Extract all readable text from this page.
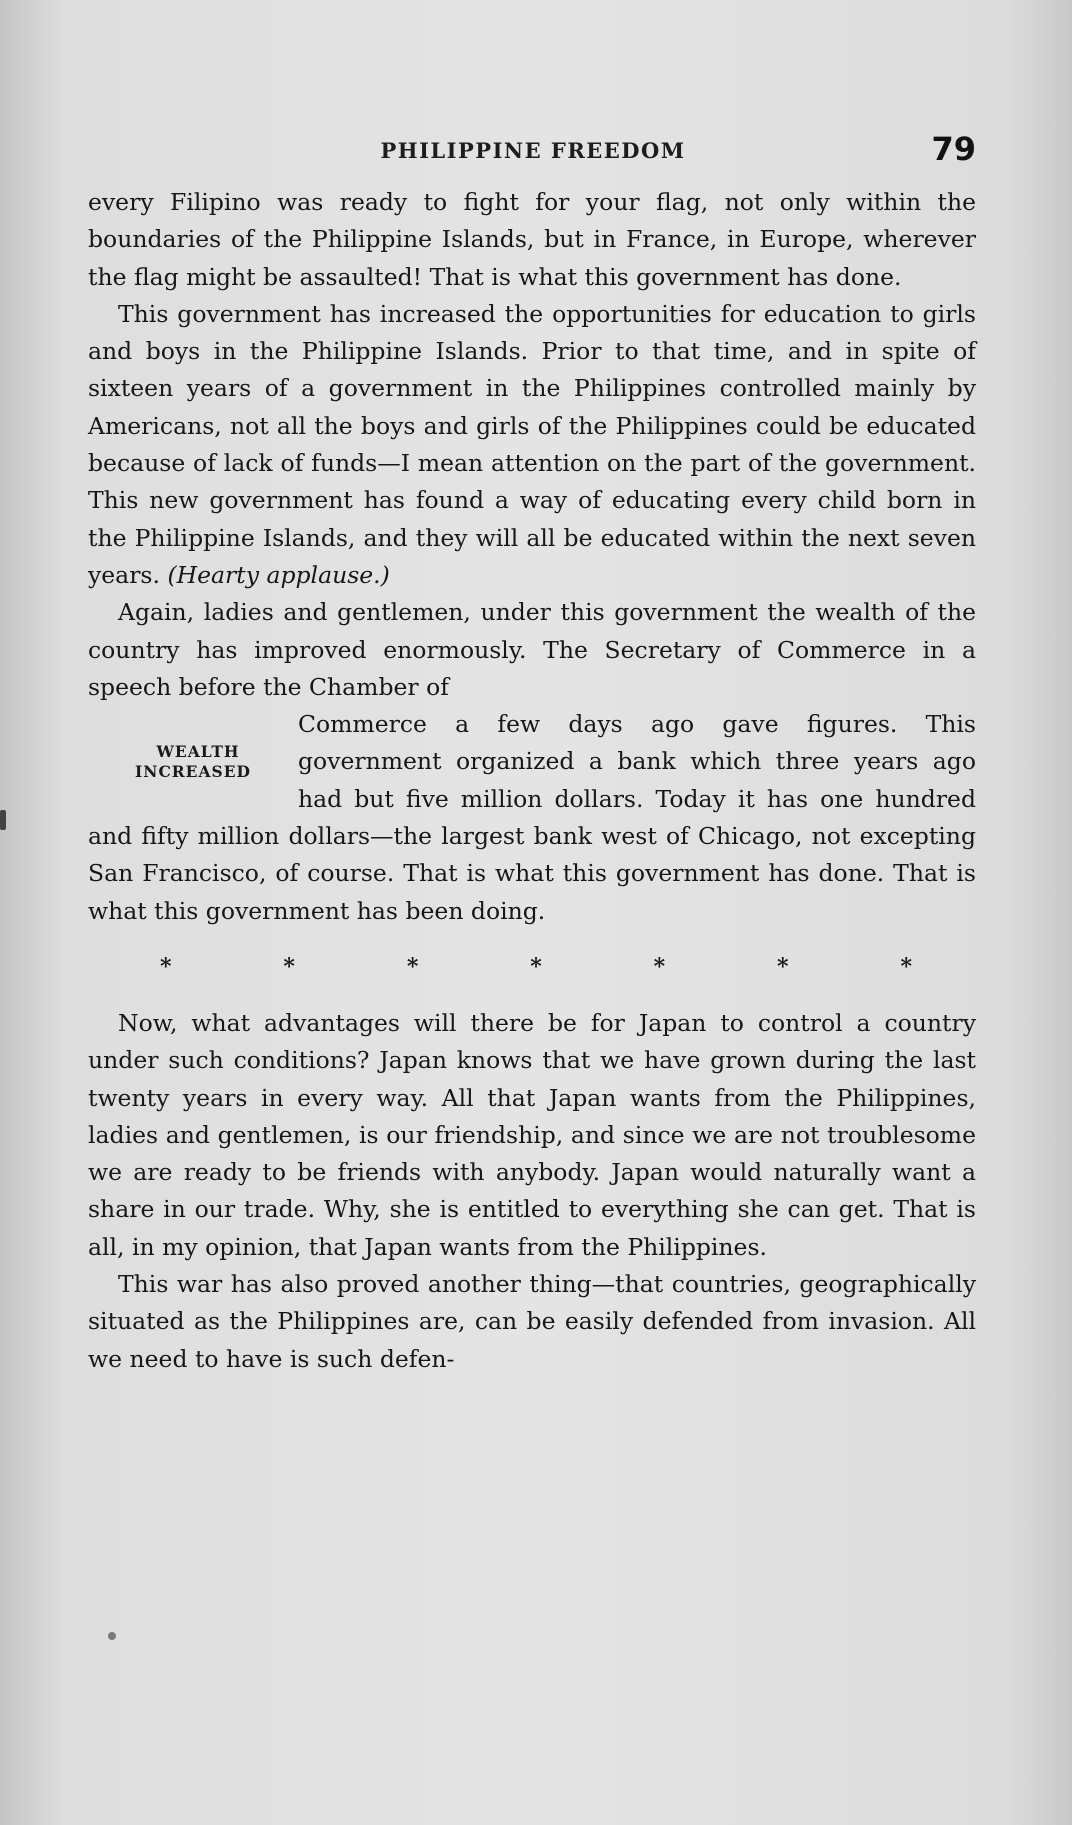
PHILIPPINE FREEDOM	79

every Filipino was ready to fight for your flag, not only within the boundaries of the Philippine Islands, but in France, in Europe, wherever the flag might be assaulted! That is what this government has done.

This government has increased the opportunities for education to girls and boys in the Philippine Islands. Prior to that time, and in spite of sixteen years of a government in the Philippines controlled mainly by Americans, not all the boys and girls of the Philippines could be educated because of lack of funds—I mean attention on the part of the government. This new government has found a way of educating every child born in the Philippine Islands, and they will all be educated within the next seven years. (Hearty applause.)

Again, ladies and gentlemen, under this government the wealth of the country has improved enormously. The Secretary of Commerce in a speech before the Chamber of

WEALTH
INCREASED

Commerce a few days ago gave figures. This government organized a bank which three years ago had but five million dollars. Today it has one hundred and fifty million dollars—the largest bank west of Chicago, not excepting San Francisco, of course. That is what this government has done. That is what this government has been doing.

*	*	*	*	*	*	*

Now, what advantages will there be for Japan to control a country under such conditions? Japan knows that we have grown during the last twenty years in every way. All that Japan wants from the Philippines, ladies and gentlemen, is our friendship, and since we are not troublesome we are ready to be friends with anybody. Japan would naturally want a share in our trade. Why, she is entitled to everything she can get. That is all, in my opinion, that Japan wants from the Philippines.

This war has also proved another thing—that countries, geographically situated as the Philippines are, can be easily defended from invasion. All we need to have is such defen-
